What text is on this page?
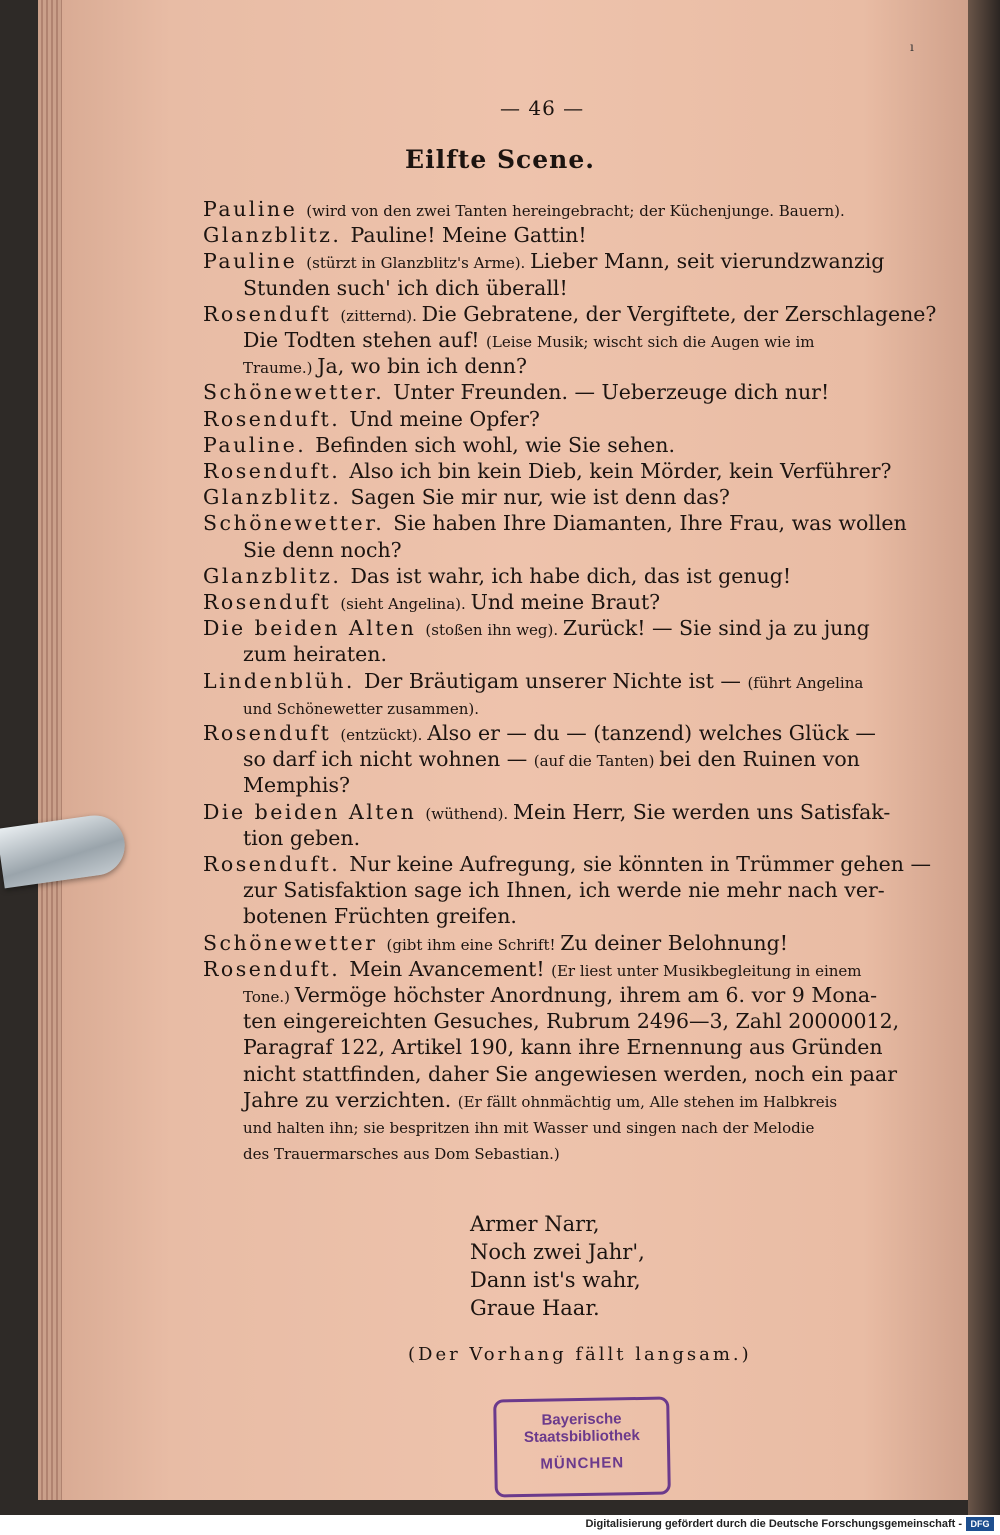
ı
— 46 —
Eilfte Scene.
Pauline (wird von den zwei Tanten hereingebracht; der Küchenjunge. Bauern).
Glanzblitz. Pauline! Meine Gattin!
Pauline (stürzt in Glanzblitz's Arme). Lieber Mann, seit vierundzwanzig
Stunden such' ich dich überall!
Rosenduft (zitternd). Die Gebratene, der Vergiftete, der Zerschlagene?
Die Todten stehen auf! (Leise Musik; wischt sich die Augen wie im
Traume.) Ja, wo bin ich denn?
Schönewetter. Unter Freunden. — Ueberzeuge dich nur!
Rosenduft. Und meine Opfer?
Pauline. Befinden sich wohl, wie Sie sehen.
Rosenduft. Also ich bin kein Dieb, kein Mörder, kein Verführer?
Glanzblitz. Sagen Sie mir nur, wie ist denn das?
Schönewetter. Sie haben Ihre Diamanten, Ihre Frau, was wollen
Sie denn noch?
Glanzblitz. Das ist wahr, ich habe dich, das ist genug!
Rosenduft (sieht Angelina). Und meine Braut?
Die beiden Alten (stoßen ihn weg). Zurück! — Sie sind ja zu jung
zum heiraten.
Lindenblüh. Der Bräutigam unserer Nichte ist — (führt Angelina
und Schönewetter zusammen).
Rosenduft (entzückt). Also er — du — (tanzend) welches Glück —
so darf ich nicht wohnen — (auf die Tanten) bei den Ruinen von
Memphis?
Die beiden Alten (wüthend). Mein Herr, Sie werden uns Satisfak-
tion geben.
Rosenduft. Nur keine Aufregung, sie könnten in Trümmer gehen —
zur Satisfaktion sage ich Ihnen, ich werde nie mehr nach ver-
botenen Früchten greifen.
Schönewetter (gibt ihm eine Schrift! Zu deiner Belohnung!
Rosenduft. Mein Avancement! (Er liest unter Musikbegleitung in einem
Tone.) Vermöge höchster Anordnung, ihrem am 6. vor 9 Mona-
ten eingereichten Gesuches, Rubrum 2496—3, Zahl 20000012,
Paragraf 122, Artikel 190, kann ihre Ernennung aus Gründen
nicht stattfinden, daher Sie angewiesen werden, noch ein paar
Jahre zu verzichten. (Er fällt ohnmächtig um, Alle stehen im Halbkreis
und halten ihn; sie bespritzen ihn mit Wasser und singen nach der Melodie
des Trauermarsches aus Dom Sebastian.)
Armer Narr,
Noch zwei Jahr',
Dann ist's wahr,
Graue Haar.
(Der Vorhang fällt langsam.)
Bayerische
Staatsbibliothek
MÜNCHEN
Digitalisierung gefördert durch die Deutsche Forschungsgemeinschaft - DFG
